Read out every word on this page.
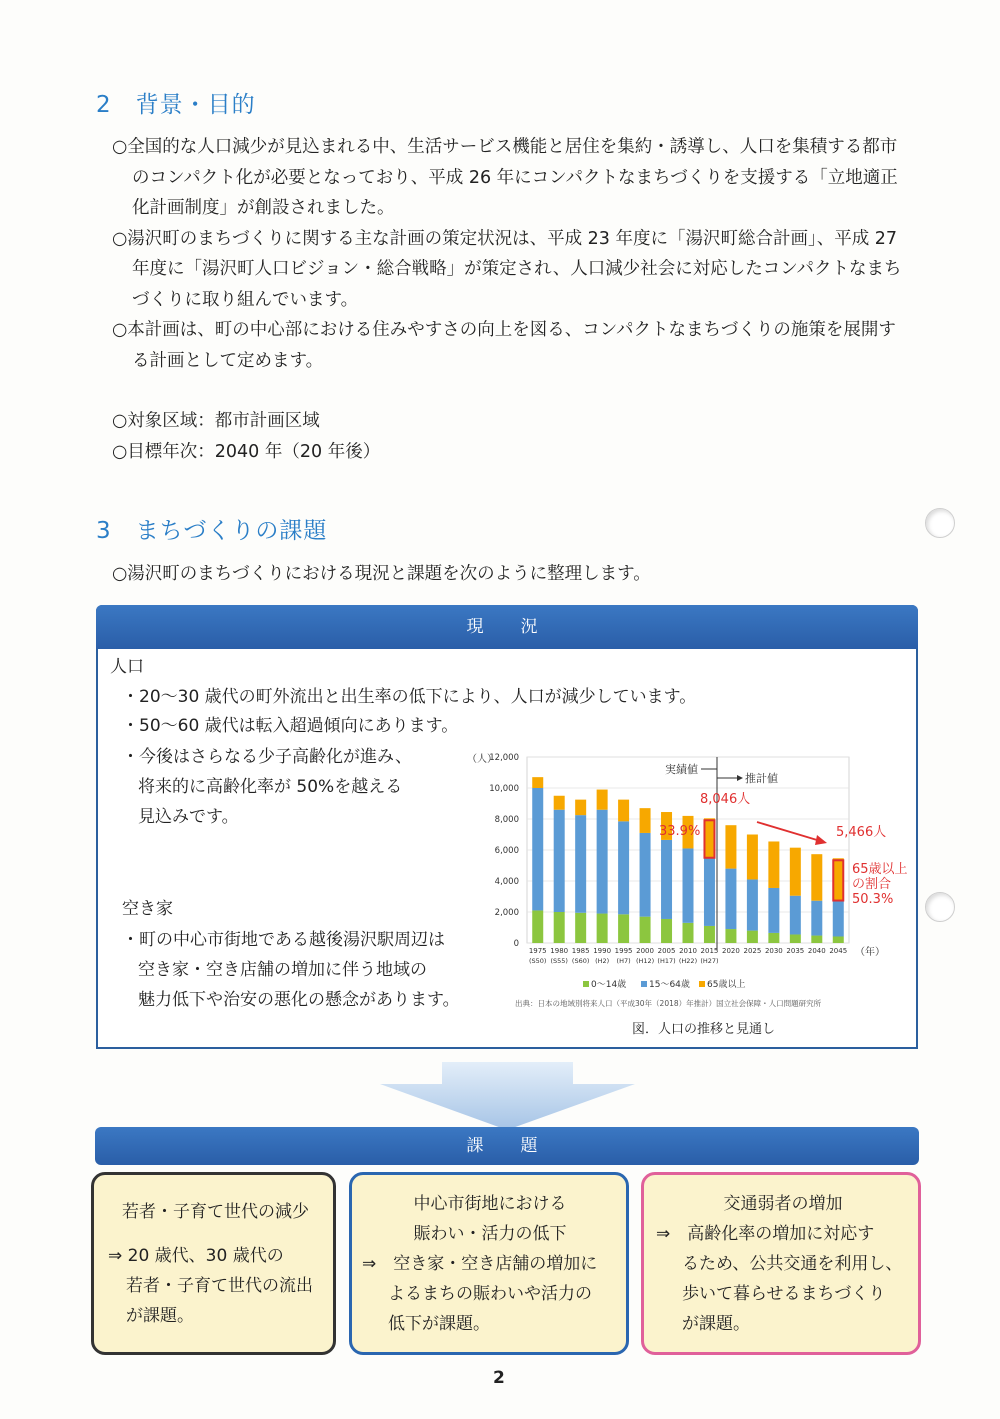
2　背景・目的

○全国的な人口減少が見込まれる中、生活サービス機能と居住を集約・誘導し、人口を集積する都市のコンパクト化が必要となっており、平成 26 年にコンパクトなまちづくりを支援する「立地適正化計画制度」が創設されました。

○湯沢町のまちづくりに関する主な計画の策定状況は、平成 23 年度に「湯沢町総合計画」、平成 27 年度に「湯沢町人口ビジョン・総合戦略」が策定され、人口減少社会に対応したコンパクトなまちづくりに取り組んでいます。

○本計画は、町の中心部における住みやすさの向上を図る、コンパクトなまちづくりの施策を展開する計画として定めます。

○対象区域：都市計画区域
○目標年次：2040 年（20 年後）
3　まちづくりの課題
○湯沢町のまちづくりにおける現況と課題を次のように整理します。
現　況
人口
・20～30 歳代の町外流出と出生率の低下により、人口が減少しています。
・50～60 歳代は転入超過傾向にあります。
・今後はさらなる少子高齢化が進み、
将来的に高齢化率が 50%を越える
見込みです。
空き家
・町の中心市街地である越後湯沢駅周辺は
空き家・空き店舗の増加に伴う地域の
魅力低下や治安の悪化の懸念があります。
（人）
12,000
10,000
8,000
6,000
4,000
2,000
0
1975
(S50)
1980
(S55)
1985
(S60)
1990
(H2)
1995
(H7)
2000
(H12)
2005
(H17)
2010
(H22)
2015
(H27)
2020 2025 2030 2035 2040 2045 （年）
実績値
推計値
8,046人
33.9%	5,466人
65歳以上
の割合
50.3%
0～14歳	15～64歳 65歳以上
出典：日本の地域別将来人口（平成30年（2018）年推計）国立社会保障・人口問題研究所
図．人口の推移と見通し
課　題
若者・子育て世代の減少
⇒ 20 歳代、30 歳代の
若者・子育て世代の流出
が課題。
中心市街地における
賑わい・活力の低下
⇒　空き家・空き店舗の増加に
よるまちの賑わいや活力の
低下が課題。
交通弱者の増加
⇒　高齢化率の増加に対応す
るため、公共交通を利用し、
歩いて暮らせるまちづくり
が課題。
2
